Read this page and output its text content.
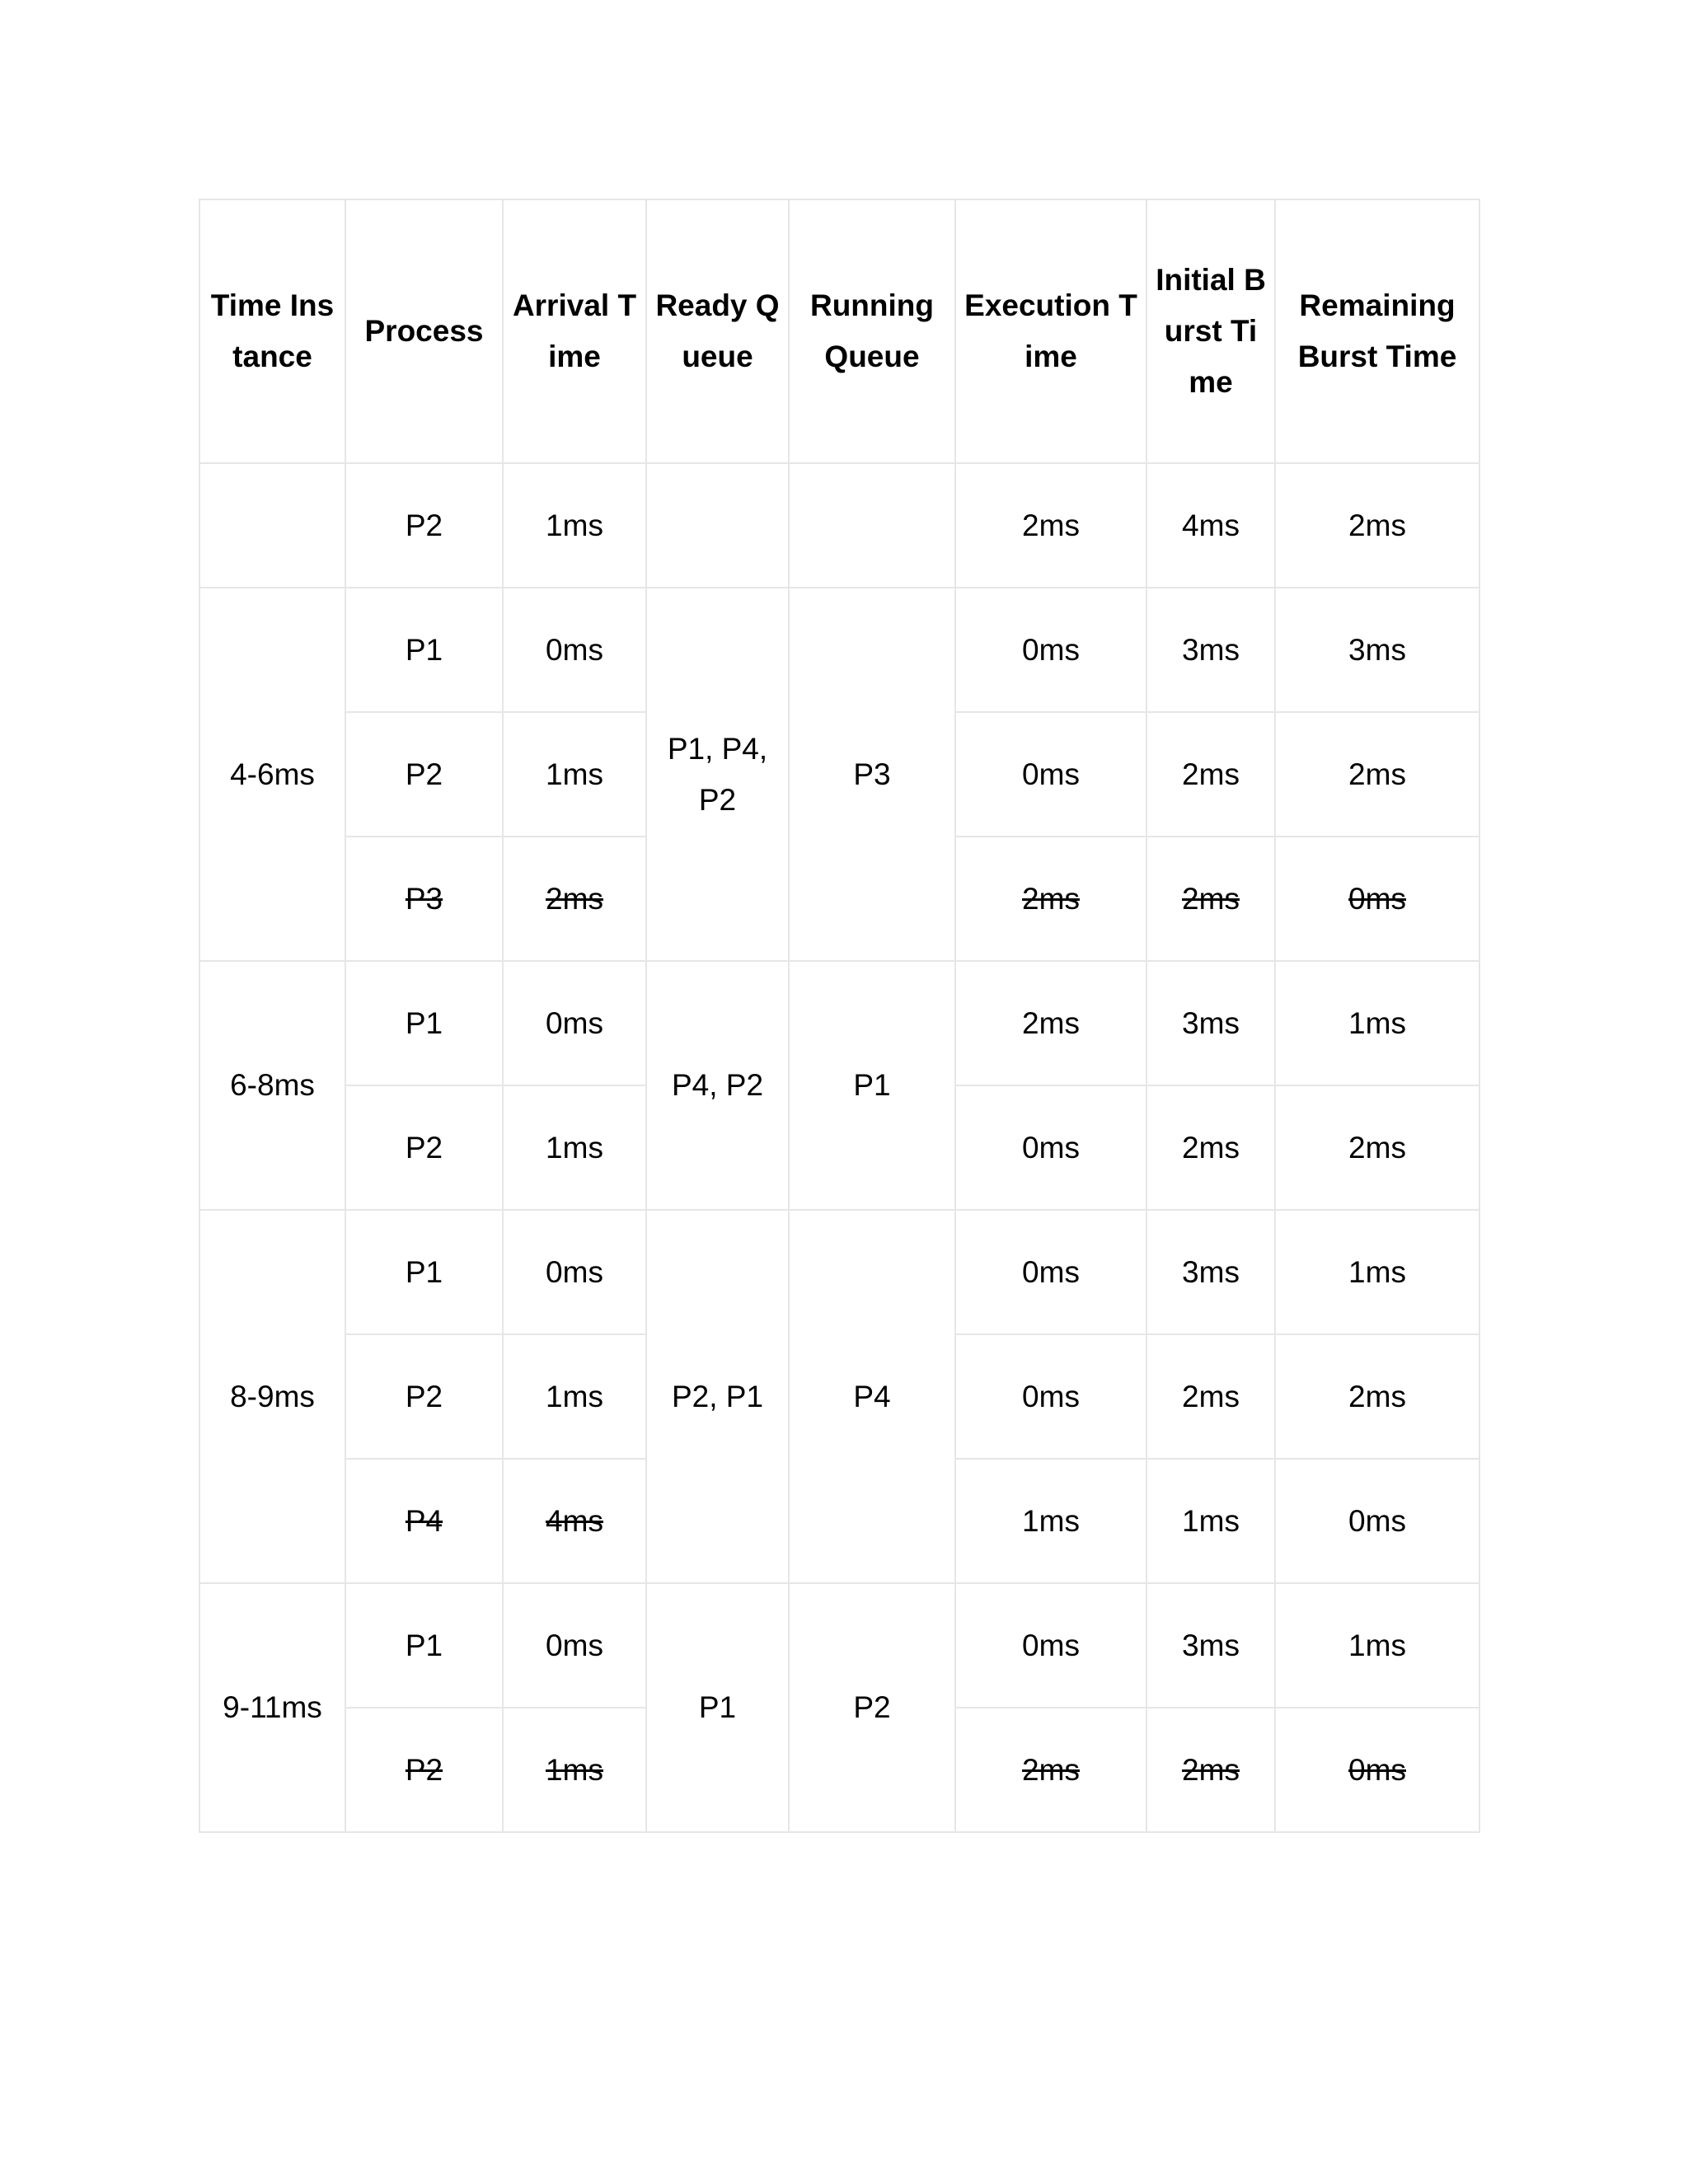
Time Instance	Process	Arrival Time	Ready Queue	Running Queue	Execution Time	Initial Burst Time	Remaining Burst Time
	P2	1ms			2ms	4ms	2ms
4-6ms	P1	0ms	P1, P4, P2	P3	0ms	3ms	3ms
	P2	1ms			0ms	2ms	2ms
	P3	2ms			2ms	2ms	0ms
6-8ms	P1	0ms	P4, P2	P1	2ms	3ms	1ms
	P2	1ms			0ms	2ms	2ms
8-9ms	P1	0ms	P2, P1	P4	0ms	3ms	1ms
	P2	1ms			0ms	2ms	2ms
	P4	4ms			1ms	1ms	0ms
9-11ms	P1	0ms	P1	P2	0ms	3ms	1ms
	P2	1ms			2ms	2ms	0ms
